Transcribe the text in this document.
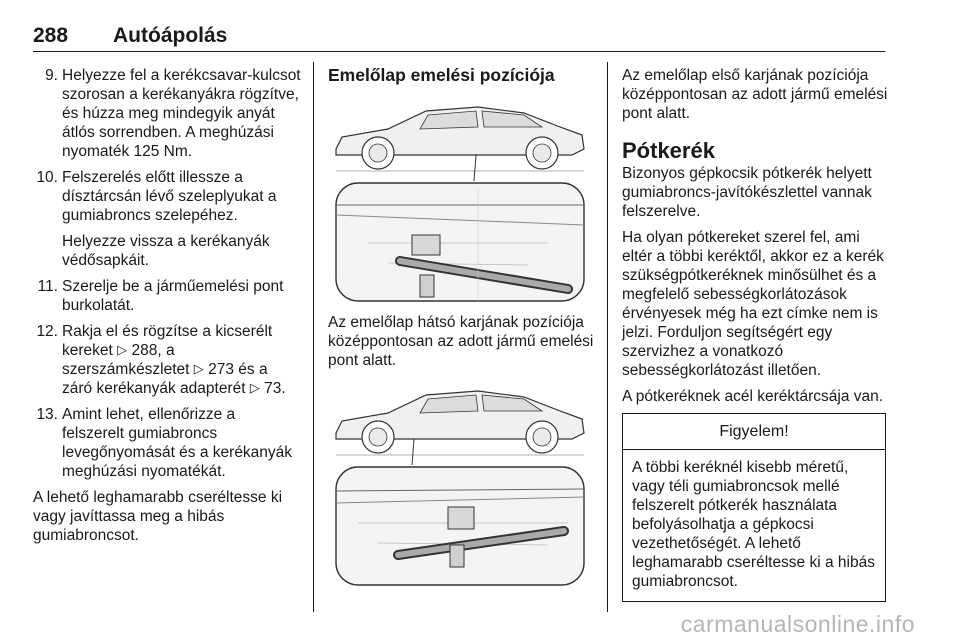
288 Autóápolás
9. Helyezze fel a kerékcsavar-kulcsot szorosan a kerékanyákra rögzítve, és húzza meg mindegyik anyát átlós sorrendben. A meghúzási nyomaték 125 Nm.

10. Felszerelés előtt illessze a dísztárcsán lévő szeleplyukat a gumiabroncs szelepéhez.

Helyezze vissza a kerékanyák védősapkáit.

11. Szerelje be a járműemelési pont burkolatát.

12. Rakja el és rögzítse a kicserélt kereket ▷ 288, a szerszámkészletet ▷ 273 és a záró kerékanyák adapterét ▷ 73.

13. Amint lehet, ellenőrizze a felszerelt gumiabroncs levegőnyomását és a kerékanyák meghúzási nyomatékát.

A lehető leghamarabb cseréltesse ki vagy javíttassa meg a hibás gumiabroncsot.

Emelőlap emelési pozíciója

Az emelőlap hátsó karjának pozíciója középpontosan az adott jármű emelési pont alatt.

Az emelőlap első karjának pozíciója középpontosan az adott jármű emelési pont alatt.

Pótkerék

Bizonyos gépkocsik pótkerék helyett gumiabroncs-javítókészlettel vannak felszerelve.

Ha olyan pótkereket szerel fel, ami eltér a többi keréktől, akkor ez a kerék szükségpótkeréknek minősülhet és a megfelelő sebességkorlátozások érvényesek még ha ezt címke nem is jelzi. Forduljon segítségért egy szervizhez a vonatkozó sebességkorlátozást illetően.

A pótkeréknek acél keréktárcsája van.

Figyelem!
A többi keréknél kisebb méretű, vagy téli gumiabroncsok mellé felszerelt pótkerék használata befolyásolhatja a gépkocsi vezethetőségét. A lehető leghamarabb cseréltesse ki a hibás gumiabroncsot.
carmanualsonline.info
